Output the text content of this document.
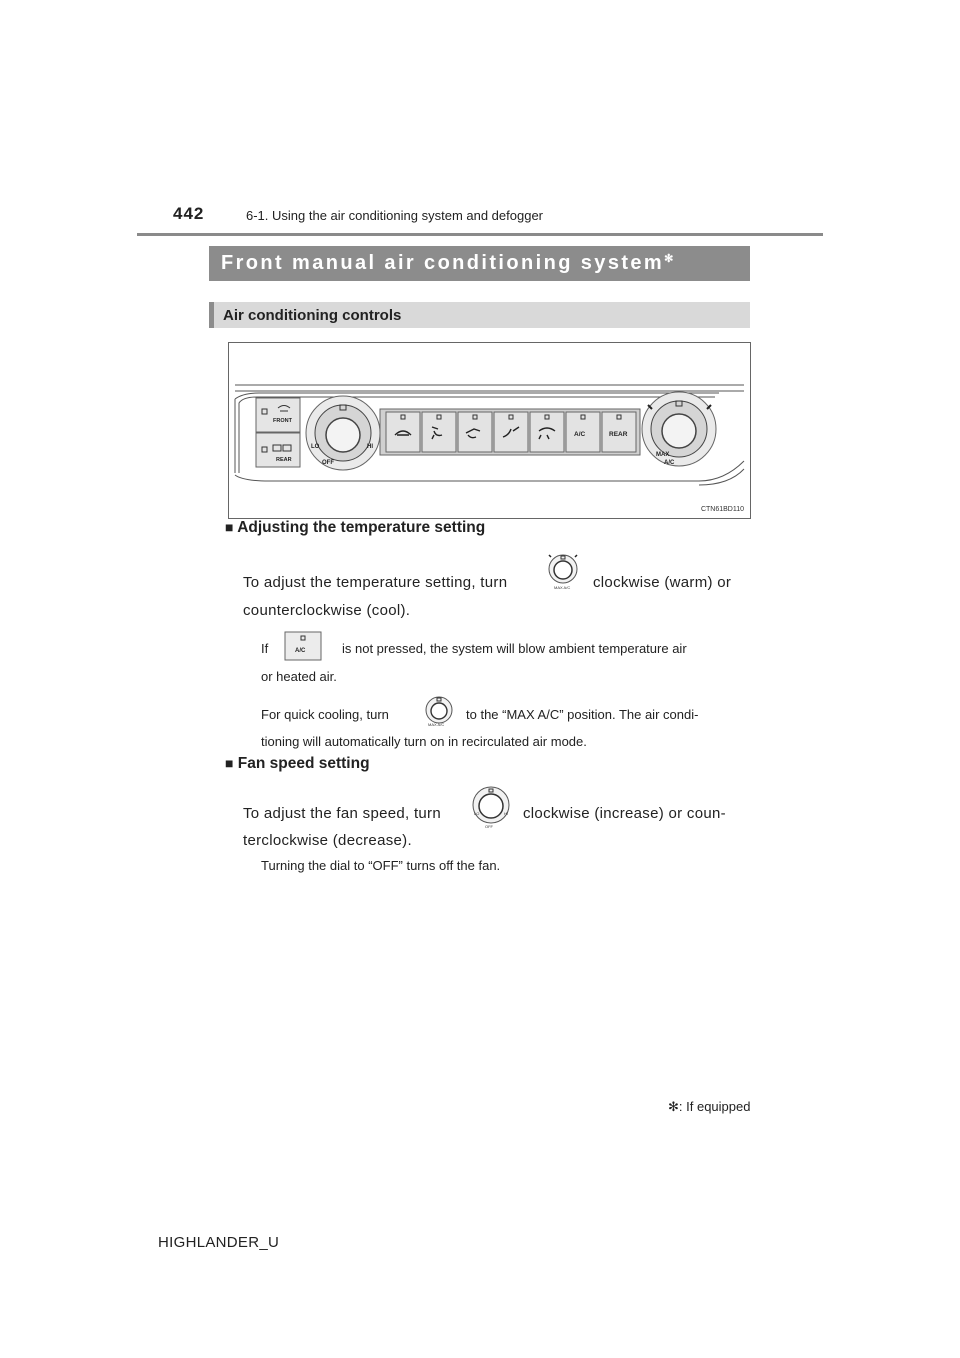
442	6-1. Using the air conditioning system and defogger
Front manual air conditioning system✻
Air conditioning controls
FRONT
REAR
LO	HI
OFF
A/C	REAR
MAX
A/C
CTN61BD110
■ Adjusting the temperature setting
To adjust the temperature setting, turn	MAX A/C clockwise (warm) or
counterclockwise (cool).
If	A/C	is not pressed, the system will blow ambient temperature air
or heated air.
For quick cooling, turn
MAX A/C
to the “MAX A/C” position. The air condi-
tioning will automatically turn on in recirculated air mode.
■ Fan speed setting
To adjust the fan speed, turn	LO	HI
OFF
clockwise (increase) or coun-
terclockwise (decrease).
Turning the dial to “OFF” turns off the fan.
✻: If equipped
HIGHLANDER_U
